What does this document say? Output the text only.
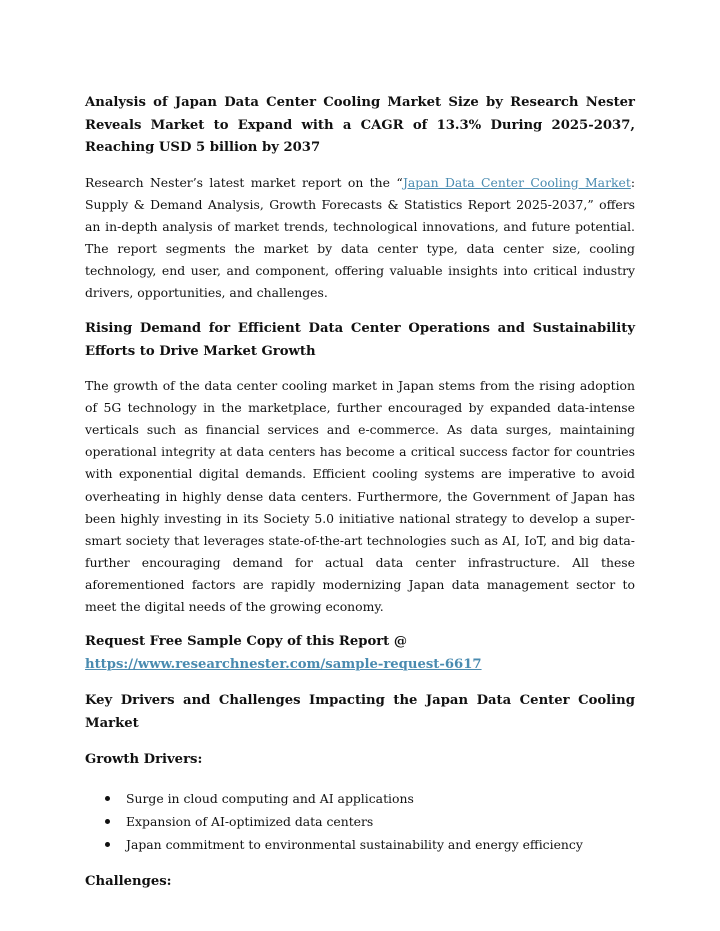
Analysis of Japan Data Center Cooling Market Size by Research Nester Reveals Market to Expand with a CAGR of 13.3% During 2025-2037, Reaching USD 5 billion by 2037

Research Nester’s latest market report on the “Japan Data Center Cooling Market: Supply & Demand Analysis, Growth Forecasts & Statistics Report 2025-2037,” offers an in-depth analysis of market trends, technological innovations, and future potential. The report segments the market by data center type, data center size, cooling technology, end user, and component, offering valuable insights into critical industry drivers, opportunities, and challenges.

Rising Demand for Efficient Data Center Operations and Sustainability Efforts to Drive Market Growth

The growth of the data center cooling market in Japan stems from the rising adoption of 5G technology in the marketplace, further encouraged by expanded data-intense verticals such as financial services and e-commerce. As data surges, maintaining operational integrity at data centers has become a critical success factor for countries with exponential digital demands. Efficient cooling systems are imperative to avoid overheating in highly dense data centers. Furthermore, the Government of Japan has been highly investing in its Society 5.0 initiative national strategy to develop a super-smart society that leverages state-of-the-art technologies such as AI, IoT, and big data-further encouraging demand for actual data center infrastructure. All these aforementioned factors are rapidly modernizing Japan data management sector to meet the digital needs of the growing economy.

Request Free Sample Copy of this Report @

https://www.researchnester.com/sample-request-6617

Key Drivers and Challenges Impacting the Japan Data Center Cooling Market

Growth Drivers:

Surge in cloud computing and AI applications
Expansion of AI-optimized data centers
Japan commitment to environmental sustainability and energy efficiency

Challenges:
